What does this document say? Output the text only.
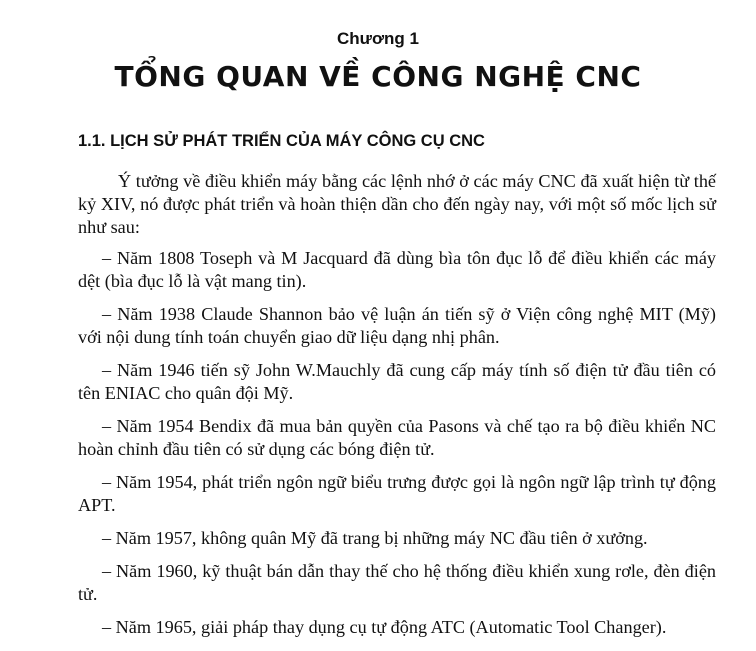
Chương 1
TỔNG QUAN VỀ CÔNG NGHỆ CNC
1.1. LỊCH SỬ PHÁT TRIỂN CỦA MÁY CÔNG CỤ CNC

Ý tưởng về điều khiển máy bằng các lệnh nhớ ở các máy CNC đã xuất hiện từ thế kỷ XIV, nó được phát triển và hoàn thiện dần cho đến ngày nay, với một số mốc lịch sử như sau:

– Năm 1808 Toseph và M Jacquard đã dùng bìa tôn đục lỗ để điều khiển các máy dệt (bìa đục lỗ là vật mang tin).

– Năm 1938 Claude Shannon bảo vệ luận án tiến sỹ ở Viện công nghệ MIT (Mỹ) với nội dung tính toán chuyển giao dữ liệu dạng nhị phân.

– Năm 1946 tiến sỹ John W.Mauchly đã cung cấp máy tính số điện tử đầu tiên có tên ENIAC cho quân đội Mỹ.

– Năm 1954 Bendix đã mua bản quyền của Pasons và chế tạo ra bộ điều khiển NC hoàn chỉnh đầu tiên có sử dụng các bóng điện tử.

– Năm 1954, phát triển ngôn ngữ biểu trưng được gọi là ngôn ngữ lập trình tự động APT.

– Năm 1957, không quân Mỹ đã trang bị những máy NC đầu tiên ở xưởng.

– Năm 1960, kỹ thuật bán dẫn thay thế cho hệ thống điều khiển xung rơle, đèn điện tử.

– Năm 1965, giải pháp thay dụng cụ tự động ATC (Automatic Tool Changer).
